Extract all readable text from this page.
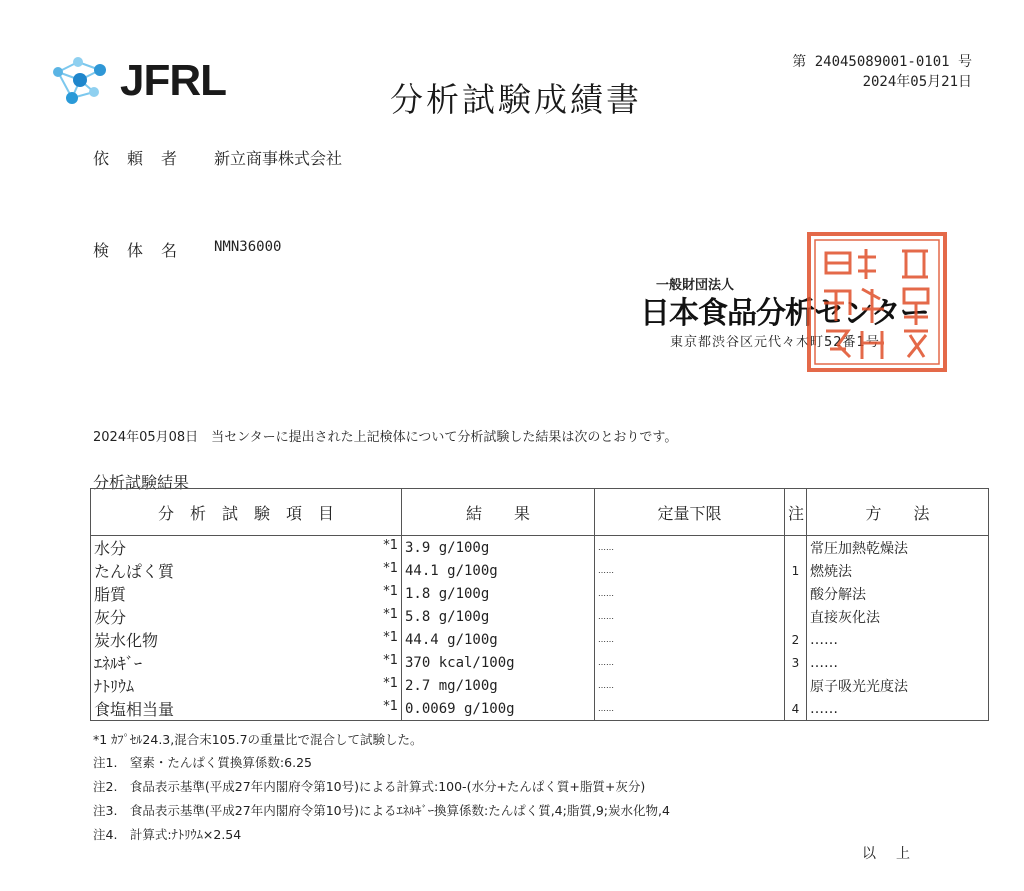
JFRL	分析試験成績書
第 24045089001-0101 号
2024年05月21日
依頼者 新立商事株式会社
検体名 NMN36000
一般財団法人
日本食品分析センター
東京都渋谷区元代々木町52番1号
2024年05月08日　当センターに提出された上記検体について分析試験した結果は次のとおりです。
分析試験結果
分　析　試　験　項　目	結　　果	定量下限	注	方　　法
水分 *1	3.9 g/100g	……		常圧加熱乾燥法
たんぱく質 *1	44.1 g/100g	……	1	燃焼法
脂質 *1	1.8 g/100g	……		酸分解法
灰分 *1	5.8 g/100g	……		直接灰化法
炭水化物 *1	44.4 g/100g	……	2	……
ｴﾈﾙｷﾞｰ *1	370 kcal/100g	……	3	……
ﾅﾄﾘｳﾑ *1	2.7 mg/100g	……		原子吸光光度法
食塩相当量 *1	0.0069 g/100g	……	4	……
*1 ｶﾌﾟｾﾙ24.3,混合末105.7の重量比で混合して試験した。
注1.　窒素・たんぱく質換算係数:6.25
注2.　食品表示基準(平成27年内閣府令第10号)による計算式:100-(水分+たんぱく質+脂質+灰分)
注3.　食品表示基準(平成27年内閣府令第10号)によるｴﾈﾙｷﾞｰ換算係数:たんぱく質,4;脂質,9;炭水化物,4
注4.　計算式:ﾅﾄﾘｳﾑ×2.54
以上
